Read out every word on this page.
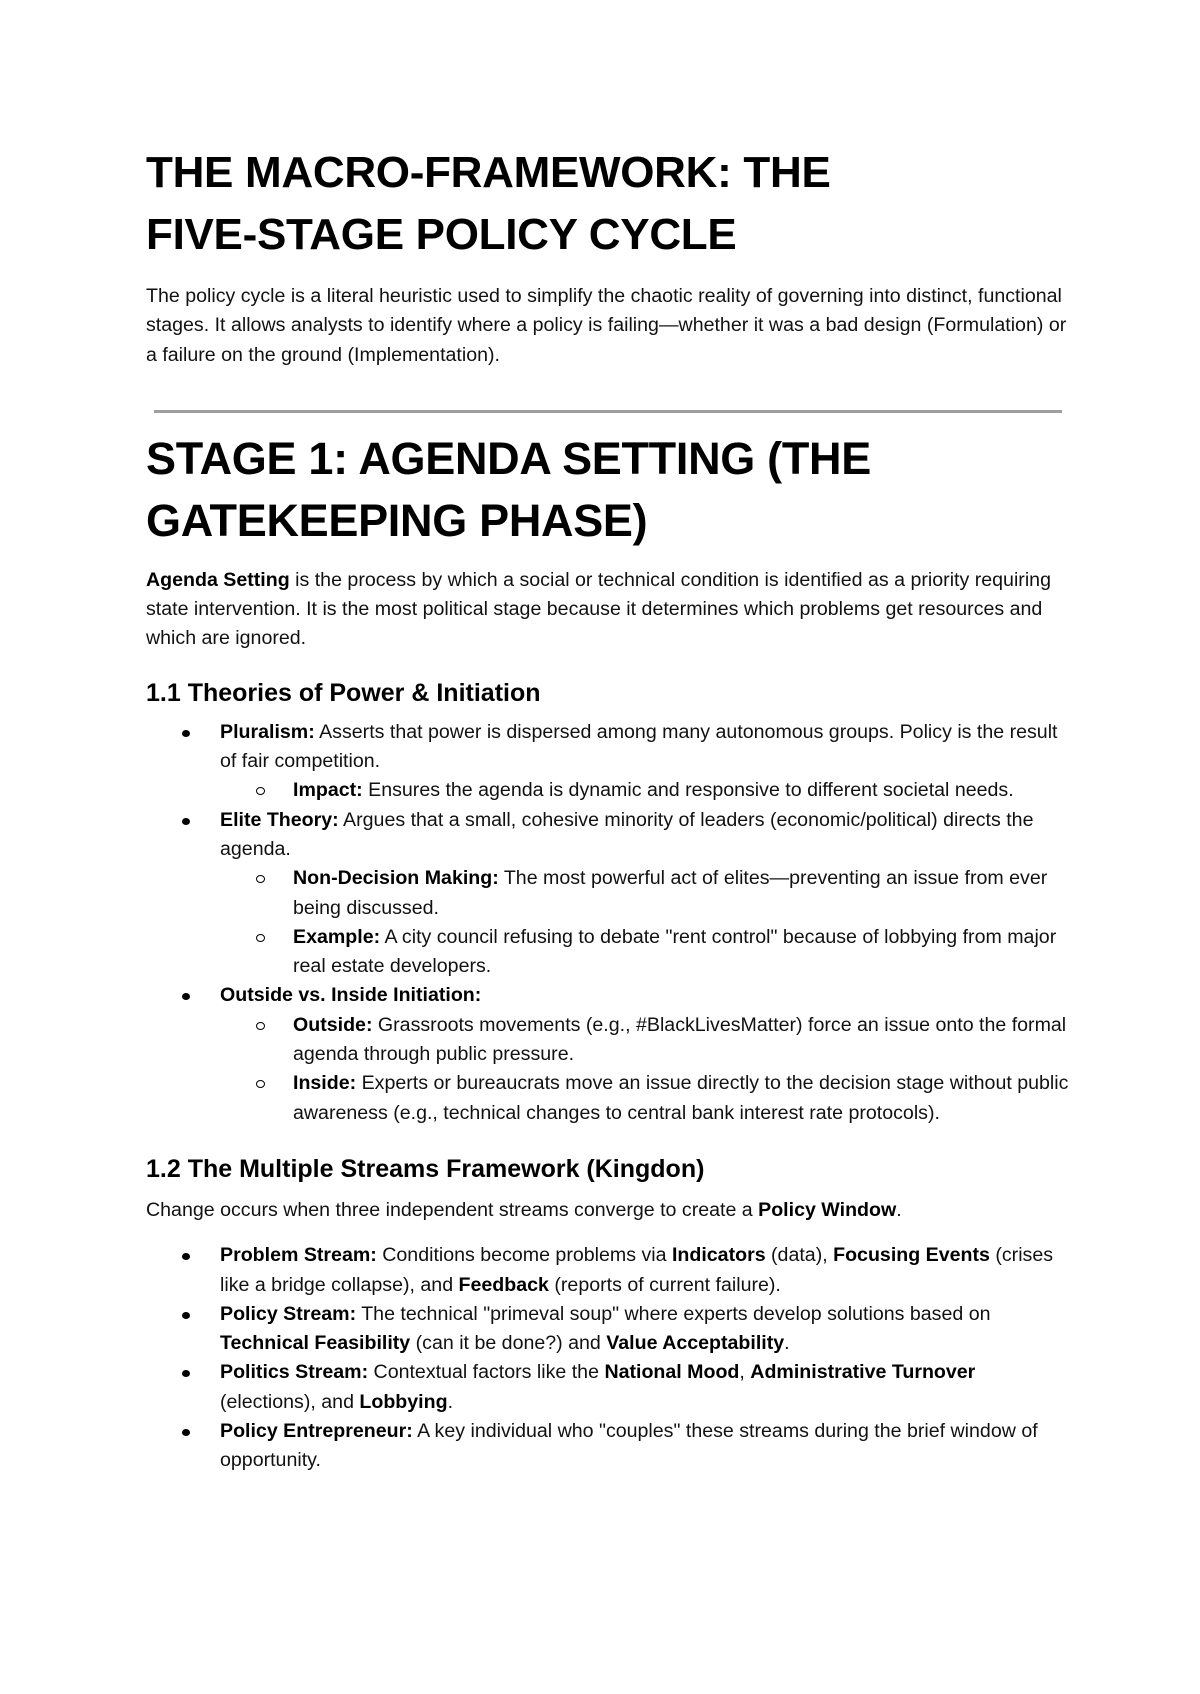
THE MACRO-FRAMEWORK: THE
FIVE-STAGE POLICY CYCLE

The policy cycle is a literal heuristic used to simplify the chaotic reality of governing into distinct, functional stages. It allows analysts to identify where a policy is failing—whether it was a bad design (Formulation) or a failure on the ground (Implementation).

STAGE 1: AGENDA SETTING (THE
GATEKEEPING PHASE)

Agenda Setting is the process by which a social or technical condition is identified as a priority requiring state intervention. It is the most political stage because it determines which problems get resources and which are ignored.

1.1 Theories of Power & Initiation
Pluralism: Asserts that power is dispersed among many autonomous groups. Policy is the result of fair competition.
Impact: Ensures the agenda is dynamic and responsive to different societal needs.
Elite Theory: Argues that a small, cohesive minority of leaders (economic/political) directs the agenda.
Non-Decision Making: The most powerful act of elites—preventing an issue from ever being discussed.
Example: A city council refusing to debate "rent control" because of lobbying from major real estate developers.
Outside vs. Inside Initiation:
Outside: Grassroots movements (e.g., #BlackLivesMatter) force an issue onto the formal agenda through public pressure.
Inside: Experts or bureaucrats move an issue directly to the decision stage without public awareness (e.g., technical changes to central bank interest rate protocols).
1.2 The Multiple Streams Framework (Kingdon)

Change occurs when three independent streams converge to create a Policy Window.

Problem Stream: Conditions become problems via Indicators (data), Focusing Events (crises like a bridge collapse), and Feedback (reports of current failure).
Policy Stream: The technical "primeval soup" where experts develop solutions based on Technical Feasibility (can it be done?) and Value Acceptability.
Politics Stream: Contextual factors like the National Mood, Administrative Turnover (elections), and Lobbying.
Policy Entrepreneur: A key individual who "couples" these streams during the brief window of opportunity.
